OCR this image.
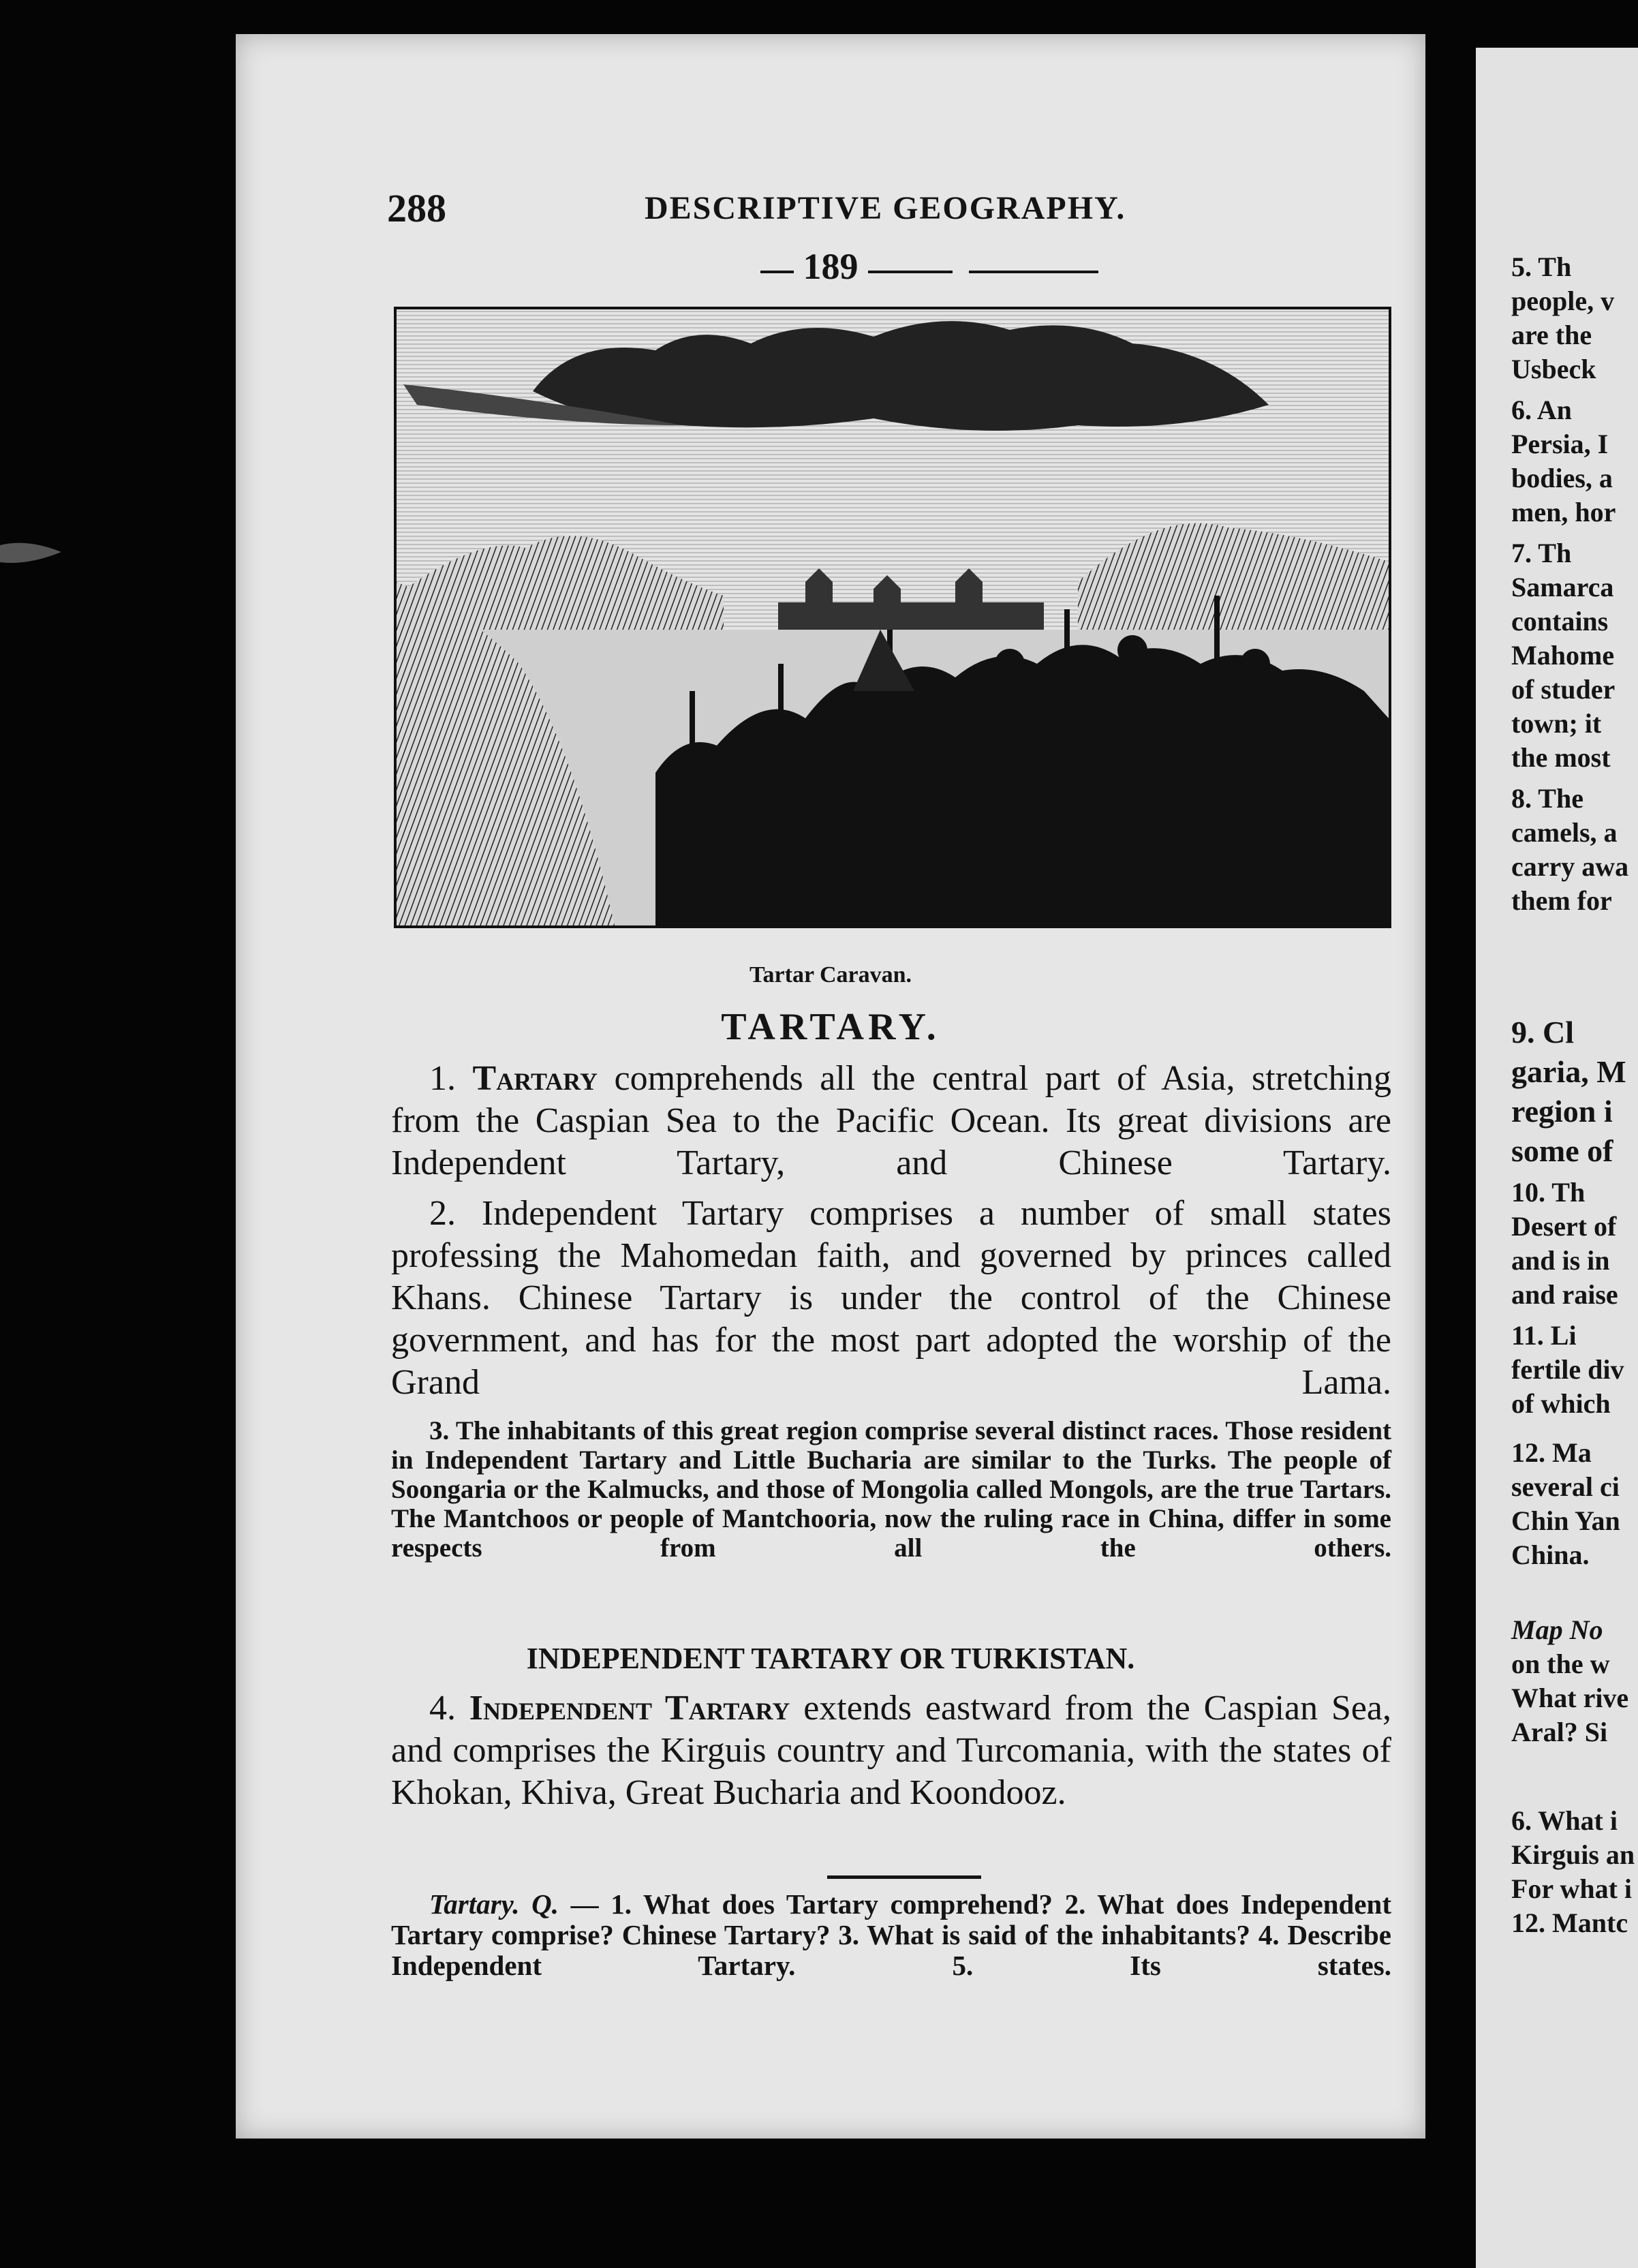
288	DESCRIPTIVE GEOGRAPHY.
189
Tartar Caravan.
TARTARY.

1. Tartary comprehends all the central part of Asia, stretching from the Caspian Sea to the Pacific Ocean. Its great divisions are Independent Tartary, and Chinese Tartary.

2. Independent Tartary comprises a number of small states professing the Mahomedan faith, and governed by princes called Khans. Chinese Tartary is under the control of the Chinese government, and has for the most part adopted the worship of the Grand Lama.

3. The inhabitants of this great region comprise several distinct races. Those resident in Independent Tartary and Little Bucharia are similar to the Turks. The people of Soongaria or the Kalmucks, and those of Mongolia called Mongols, are the true Tartars. The Mantchoos or people of Mantchooria, now the ruling race in China, differ in some respects from all the others.

INDEPENDENT TARTARY OR TURKISTAN.

4. Independent Tartary extends eastward from the Caspian Sea, and comprises the Kirguis country and Turcomania, with the states of Khokan, Khiva, Great Bucharia and Koondooz.

Tartary. Q. — 1. What does Tartary comprehend? 2. What does Independent Tartary comprise? Chinese Tartary? 3. What is said of the inhabitants? 4. Describe Independent Tartary. 5. Its states.

5. Th
people, v
are the
Usbeck
6. An
Persia, I
bodies, a
men, hor
7. Th
Samarca
contains
Mahome
of studer
town; it
the most
8. The
camels, a
carry awa
them for
9. Cl
garia, M
region i
some of
10. Th
Desert of
and is in
and raise
11. Li
fertile div
of which
12. Ma
several ci
Chin Yan
China.
Map No
on the w
What rive
Aral? Si
6. What i
Kirguis an
For what i
12. Mantc
